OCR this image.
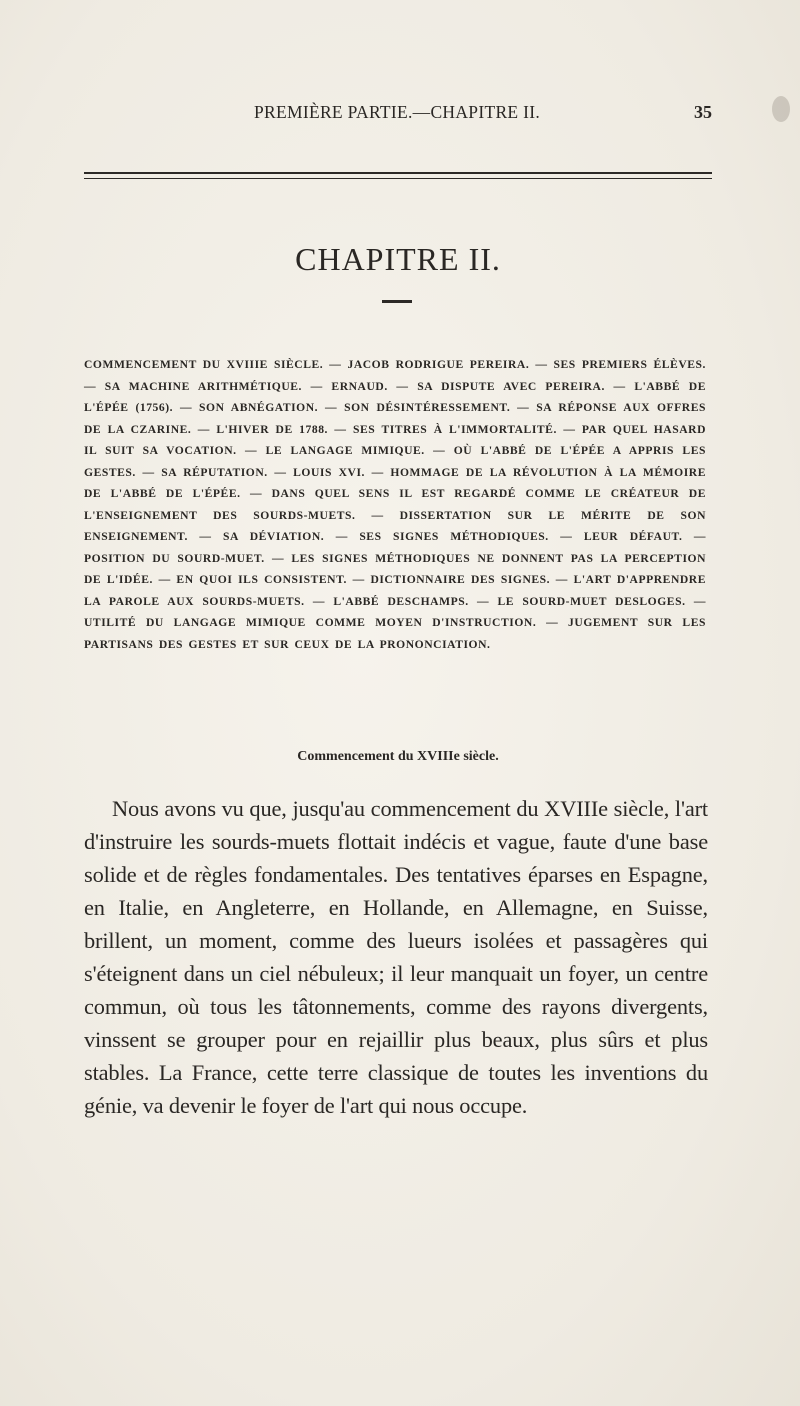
PREMIÈRE PARTIE.—CHAPITRE II.	35
CHAPITRE II.

COMMENCEMENT DU XVIIIE SIÈCLE. — JACOB RODRIGUE PEREIRA. — SES PREMIERS ÉLÈVES. — SA MACHINE ARITHMÉTIQUE. — ERNAUD. — SA DISPUTE AVEC PEREIRA. — L'ABBÉ DE L'ÉPÉE (1756). — SON ABNÉGATION. — SON DÉSINTÉRESSEMENT. — SA RÉPONSE AUX OFFRES DE LA CZARINE. — L'HIVER DE 1788. — SES TITRES À L'IMMORTALITÉ. — PAR QUEL HASARD IL SUIT SA VOCATION. — LE LANGAGE MIMIQUE. — OÙ L'ABBÉ DE L'ÉPÉE A APPRIS LES GESTES. — SA RÉPUTATION. — LOUIS XVI. — HOMMAGE DE LA RÉVOLUTION À LA MÉMOIRE DE L'ABBÉ DE L'ÉPÉE. — DANS QUEL SENS IL EST REGARDÉ COMME LE CRÉATEUR DE L'ENSEIGNEMENT DES SOURDS-MUETS. — DISSERTATION SUR LE MÉRITE DE SON ENSEIGNEMENT. — SA DÉVIATION. — SES SIGNES MÉTHODIQUES. — LEUR DÉFAUT. — POSITION DU SOURD-MUET. — LES SIGNES MÉTHODIQUES NE DONNENT PAS LA PERCEPTION DE L'IDÉE. — EN QUOI ILS CONSISTENT. — DICTIONNAIRE DES SIGNES. — L'ART D'APPRENDRE LA PAROLE AUX SOURDS-MUETS. — L'ABBÉ DESCHAMPS. — LE SOURD-MUET DESLOGES. — UTILITÉ DU LANGAGE MIMIQUE COMME MOYEN D'INSTRUCTION. — JUGEMENT SUR LES PARTISANS DES GESTES ET SUR CEUX DE LA PRONONCIATION.

Commencement du XVIIIe siècle.

Nous avons vu que, jusqu'au commencement du XVIIIe siècle, l'art d'instruire les sourds-muets flottait indécis et vague, faute d'une base solide et de règles fondamentales. Des tentatives éparses en Espagne, en Italie, en Angleterre, en Hollande, en Allemagne, en Suisse, brillent, un moment, comme des lueurs isolées et passagères qui s'éteignent dans un ciel nébuleux; il leur manquait un foyer, un centre commun, où tous les tâtonnements, comme des rayons divergents, vinssent se grouper pour en rejaillir plus beaux, plus sûrs et plus stables. La France, cette terre classique de toutes les inventions du génie, va devenir le foyer de l'art qui nous occupe.
